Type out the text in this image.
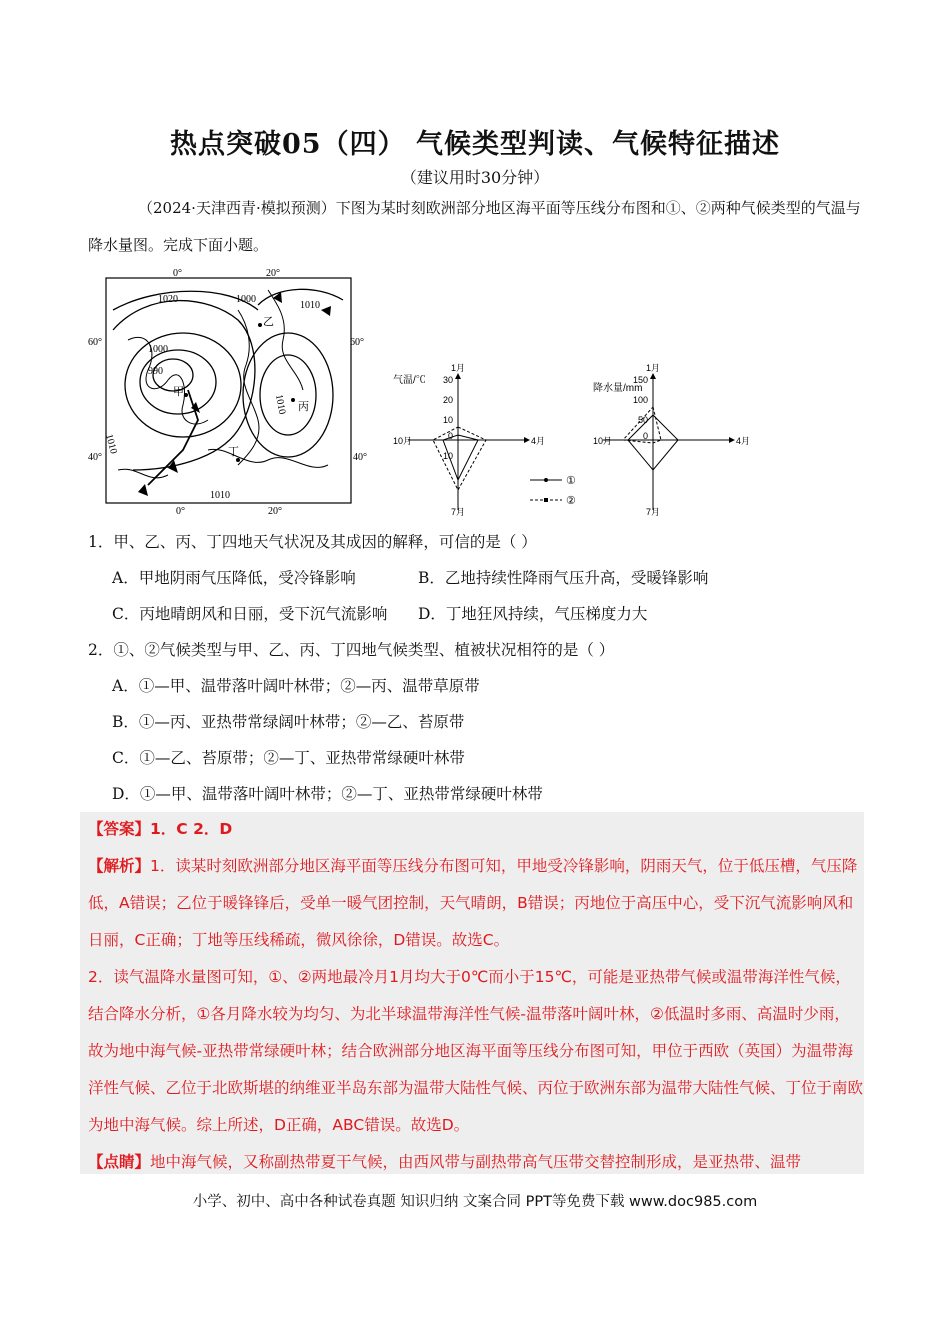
热点突破05（四） 气候类型判读、气候特征描述
（建议用时30分钟）
（2024·天津西青·模拟预测）下图为某时刻欧洲部分地区海平面等压线分布图和①、②两种气候类型的气温与降水量图。完成下面小题。
0°	20°
0°	20°
60°	60°
40°	40°
1020	1000
1010
1000
990
1010
1010
1010
甲
乙
丙
丁
气温/℃ 30
20
10
0
10
1月
4月
7月
10月
①
②
降水量/mm
150
100
50
0
1月
4月
7月
10月
1．甲、乙、丙、丁四地天气状况及其成因的解释，可信的是（ ）
A．甲地阴雨气压降低，受冷锋影响	B．乙地持续性降雨气压升高，受暖锋影响
C．丙地晴朗风和日丽，受下沉气流影响 D．丁地狂风持续，气压梯度力大
2．①、②气候类型与甲、乙、丙、丁四地气候类型、植被状况相符的是（ ）
A．①—甲、温带落叶阔叶林带；②—丙、温带草原带
B．①—丙、亚热带常绿阔叶林带；②—乙、苔原带
C．①—乙、苔原带；②—丁、亚热带常绿硬叶林带
D．①—甲、温带落叶阔叶林带；②—丁、亚热带常绿硬叶林带
【答案】1．C 2．D
【解析】1．读某时刻欧洲部分地区海平面等压线分布图可知，甲地受冷锋影响，阴雨天气，位于低压槽，气压降低，A错误；乙位于暖锋锋后，受单一暖气团控制，天气晴朗，B错误；丙地位于高压中心，受下沉气流影响风和日丽，C正确；丁地等压线稀疏，微风徐徐，D错误。故选C。
2．读气温降水量图可知，①、②两地最冷月1月均大于0℃而小于15℃，可能是亚热带气候或温带海洋性气候，结合降水分析，①各月降水较为均匀、为北半球温带海洋性气候-温带落叶阔叶林，②低温时多雨、高温时少雨，故为地中海气候-亚热带常绿硬叶林；结合欧洲部分地区海平面等压线分布图可知，甲位于西欧（英国）为温带海洋性气候、乙位于北欧斯堪的纳维亚半岛东部为温带大陆性气候、丙位于欧洲东部为温带大陆性气候、丁位于南欧为地中海气候。综上所述，D正确，ABC错误。故选D。
【点睛】地中海气候，又称副热带夏干气候，由西风带与副热带高气压带交替控制形成，是亚热带、温带
小学、初中、高中各种试卷真题 知识归纳 文案合同 PPT等免费下载 www.doc985.com
